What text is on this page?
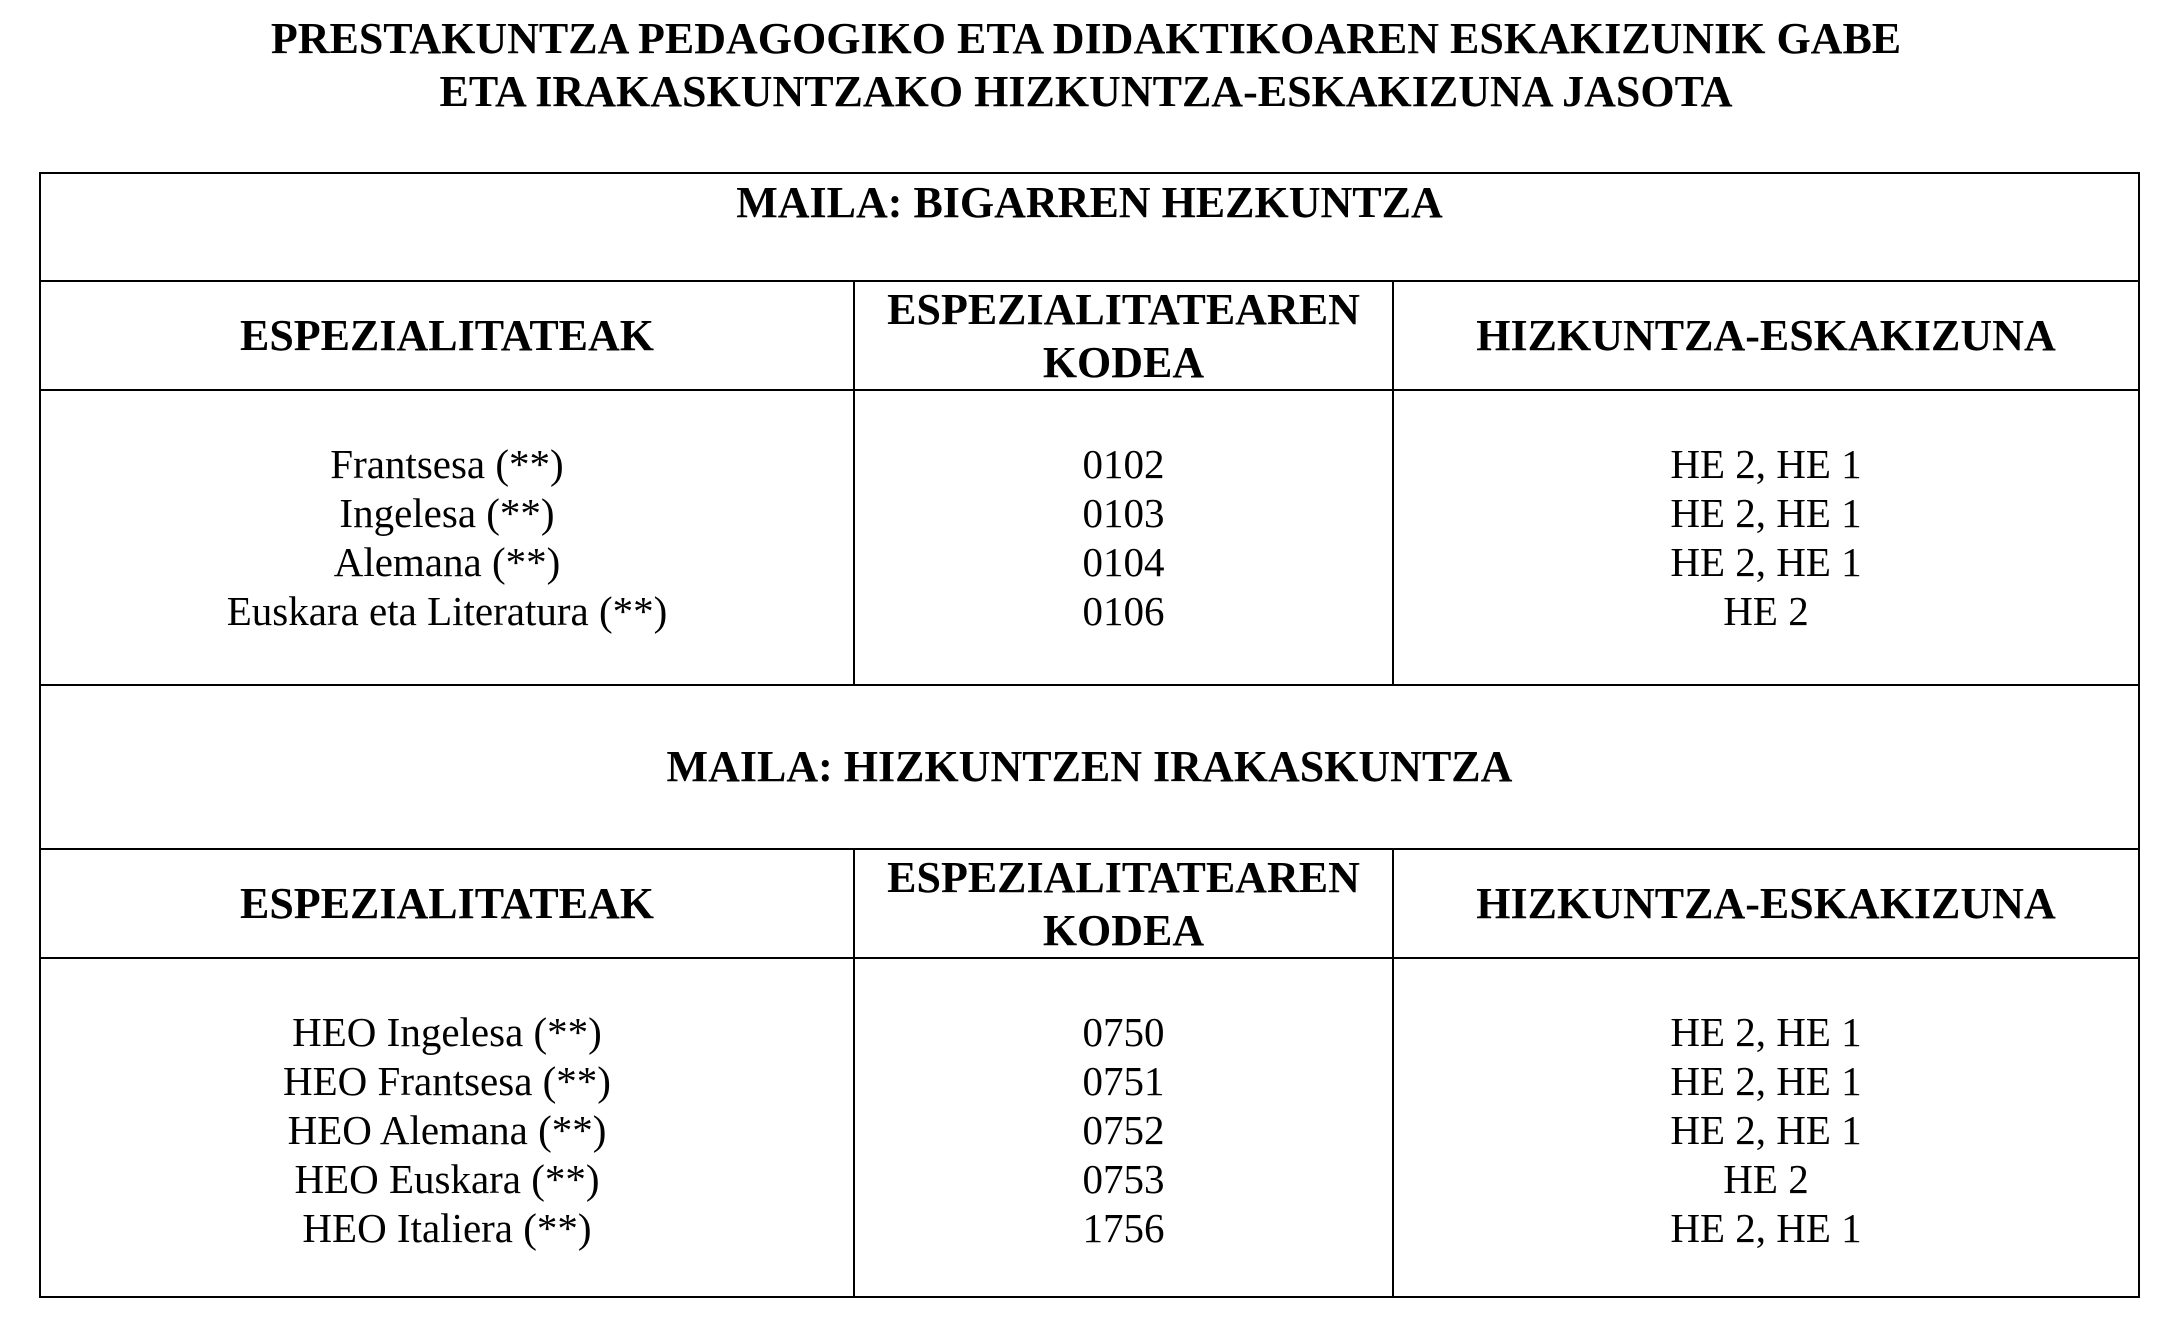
PRESTAKUNTZA PEDAGOGIKO ETA DIDAKTIKOAREN ESKAKIZUNIK GABE
ETA IRAKASKUNTZAKO HIZKUNTZA-ESKAKIZUNA JASOTA
MAILA: BIGARREN HEZKUNTZA
ESPEZIALITATEAK
ESPEZIALITATEAREN
KODEA
HIZKUNTZA-ESKAKIZUNA
Frantsesa (**)
Ingelesa (**)
Alemana (**)
Euskara eta Literatura (**)
0102
0103
0104
0106
HE 2, HE 1
HE 2, HE 1
HE 2, HE 1
HE 2
MAILA: HIZKUNTZEN IRAKASKUNTZA
ESPEZIALITATEAK
ESPEZIALITATEAREN
KODEA
HIZKUNTZA-ESKAKIZUNA
HEO Ingelesa (**)
HEO Frantsesa (**)
HEO Alemana (**)
HEO Euskara (**)
HEO Italiera (**)
0750
0751
0752
0753
1756
HE 2, HE 1
HE 2, HE 1
HE 2, HE 1
HE 2
HE 2, HE 1
